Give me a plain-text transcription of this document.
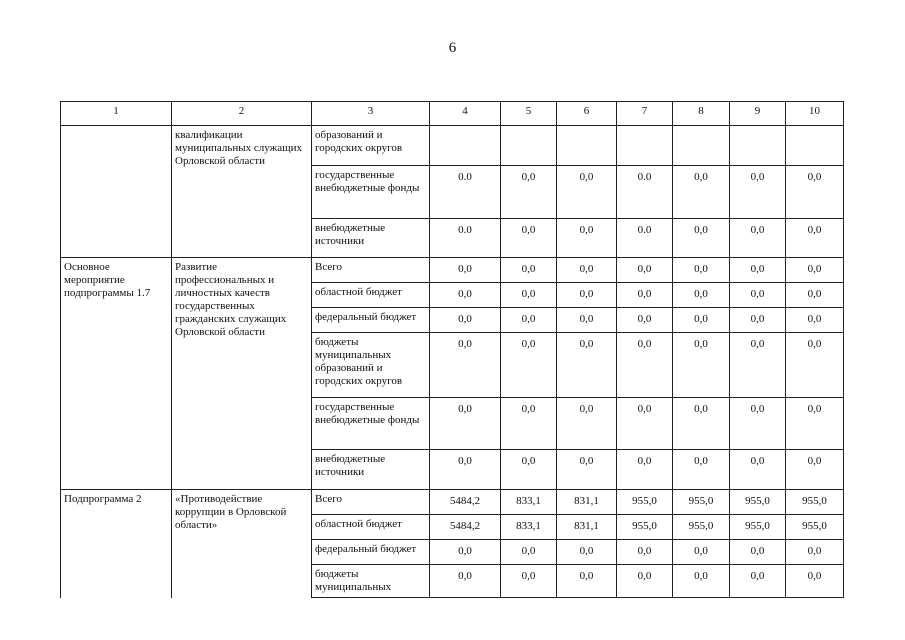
6
1	2	3	4	5	6	7	8	9	10
	квалификации муниципальных служащих Орловской области	образований и городских округов							
		государственные внебюджетные фонды	0.0	0,0	0,0	0.0	0,0	0,0	0,0
		внебюджетные источники	0.0	0,0	0,0	0.0	0,0	0,0	0,0
Основное мероприятие подпрограммы 1.7	Развитие профессиональных и личностных качеств государственных гражданских служащих Орловской области	Всего	0,0	0,0	0,0	0,0	0,0	0,0	0,0
		областной бюджет	0,0	0,0	0,0	0,0	0,0	0,0	0,0
		федеральный бюджет	0,0	0,0	0,0	0,0	0,0	0,0	0,0
		бюджеты муниципальных образований и городских округов	0,0	0,0	0,0	0,0	0,0	0,0	0,0
		государственные внебюджетные фонды	0,0	0,0	0,0	0,0	0,0	0,0	0,0
		внебюджетные источники	0,0	0,0	0,0	0,0	0,0	0,0	0,0
Подпрограмма 2	«Противодействие коррупции в Орловской области»	Всего	5484,2	833,1	831,1	955,0	955,0	955,0	955,0
		областной бюджет	5484,2	833,1	831,1	955,0	955,0	955,0	955,0
		федеральный бюджет	0,0	0,0	0,0	0,0	0,0	0,0	0,0
		бюджеты муниципальных	0,0	0,0	0,0	0,0	0,0	0,0	0,0
